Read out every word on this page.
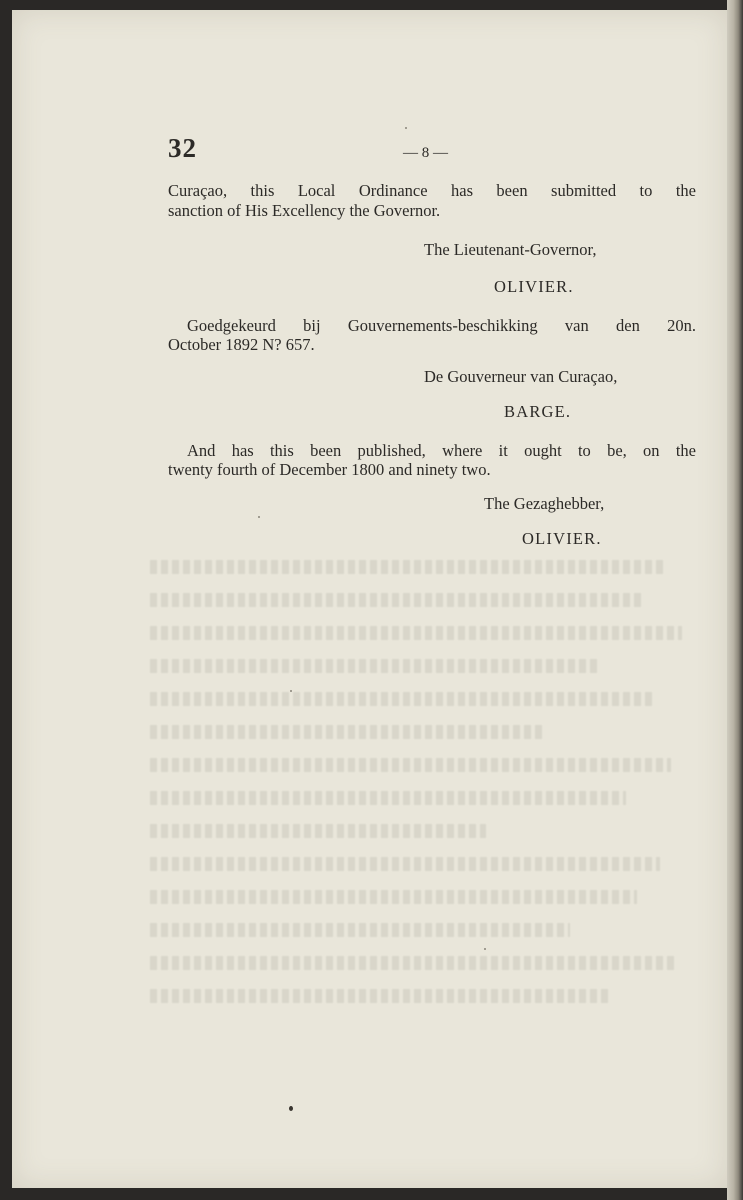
32	— 8 —
Curaçao, this Local Ordinance has been submitted to the
sanction of His Excellency the Governor.
The Lieutenant-Governor,
OLIVIER.
Goedgekeurd bij Gouvernements-beschikking van den 20n.
October 1892 N? 657.
De Gouverneur van Curaçao,
BARGE.
And has this been published, where it ought to be, on the
twenty fourth of December 1800 and ninety two.
The Gezaghebber,
OLIVIER.
